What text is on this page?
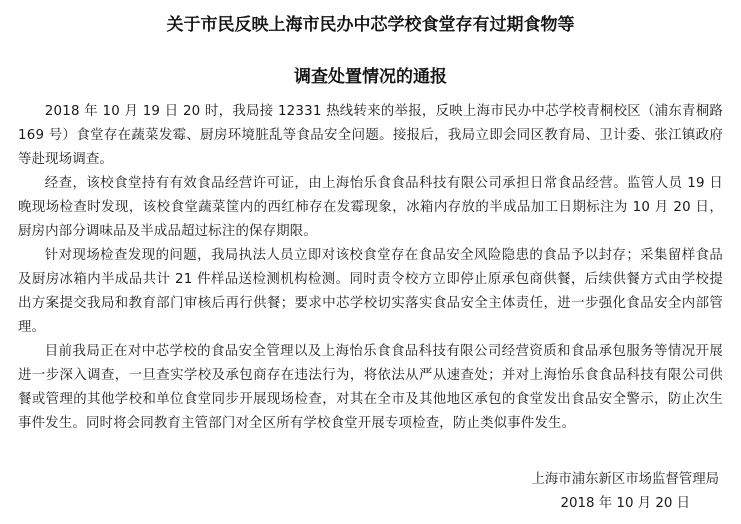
关于市民反映上海市民办中芯学校食堂存有过期食物等
调查处置情况的通报

2018 年 10 月 19 日 20 时，我局接 12331 热线转来的举报，反映上海市民办中芯学校青桐校区（浦东青桐路 169 号）食堂存在蔬菜发霉、厨房环境脏乱等食品安全问题。接报后，我局立即会同区教育局、卫计委、张江镇政府等赴现场调查。

经查，该校食堂持有有效食品经营许可证，由上海怡乐食食品科技有限公司承担日常食品经营。监管人员 19 日晚现场检查时发现，该校食堂蔬菜筐内的西红柿存在发霉现象，冰箱内存放的半成品加工日期标注为 10 月 20 日，厨房内部分调味品及半成品超过标注的保存期限。

针对现场检查发现的问题，我局执法人员立即对该校食堂存在食品安全风险隐患的食品予以封存；采集留样食品及厨房冰箱内半成品共计 21 件样品送检测机构检测。同时责令校方立即停止原承包商供餐，后续供餐方式由学校提出方案提交我局和教育部门审核后再行供餐；要求中芯学校切实落实食品安全主体责任，进一步强化食品安全内部管理。

目前我局正在对中芯学校的食品安全管理以及上海怡乐食食品科技有限公司经营资质和食品承包服务等情况开展进一步深入调查，一旦查实学校及承包商存在违法行为，将依法从严从速查处；并对上海怡乐食食品科技有限公司供餐或管理的其他学校和单位食堂同步开展现场检查，对其在全市及其他地区承包的食堂发出食品安全警示，防止次生事件发生。同时将会同教育主管部门对全区所有学校食堂开展专项检查，防止类似事件发生。

上海市浦东新区市场监督管理局
2018 年 10 月 20 日
